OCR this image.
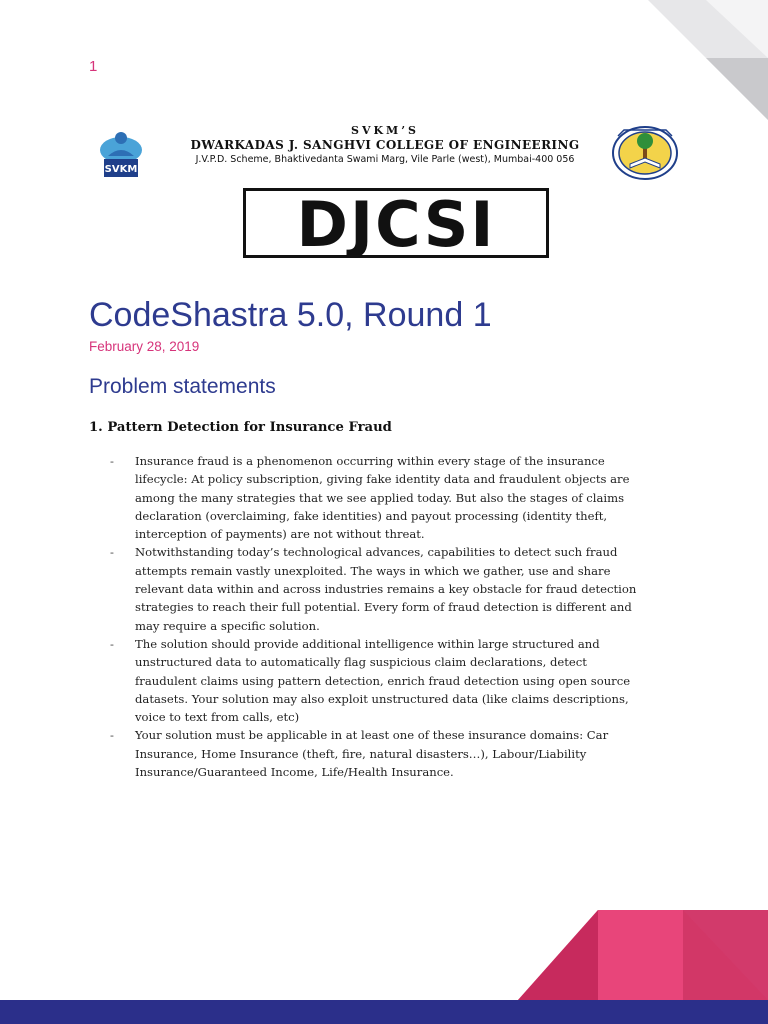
1
SVKM
SVKM’S
DWARKADAS J. SANGHVI COLLEGE OF ENGINEERING
J.V.P.D. Scheme, Bhaktivedanta Swami Marg, Vile Parle (west), Mumbai-400 056
DJCSI
CodeShastra 5.0, Round 1
February 28, 2019
Problem statements
1. Pattern Detection for Insurance Fraud
- Insurance fraud is a phenomenon occurring within every stage of the insurance
lifecycle: At policy subscription, giving fake identity data and fraudulent objects are
among the many strategies that we see applied today. But also the stages of claims
declaration (overclaiming, fake identities) and payout processing (identity theft,
interception of payments) are not without threat.
- Notwithstanding today’s technological advances, capabilities to detect such fraud
attempts remain vastly unexploited. The ways in which we gather, use and share
relevant data within and across industries remains a key obstacle for fraud detection
strategies to reach their full potential. Every form of fraud detection is different and
may require a specific solution.
- The solution should provide additional intelligence within large structured and
unstructured data to automatically flag suspicious claim declarations, detect
fraudulent claims using pattern detection, enrich fraud detection using open source
datasets. Your solution may also exploit unstructured data (like claims descriptions,
voice to text from calls, etc)
- Your solution must be applicable in at least one of these insurance domains: Car
Insurance, Home Insurance (theft, fire, natural disasters…), Labour/Liability
Insurance/Guaranteed Income, Life/Health Insurance.
